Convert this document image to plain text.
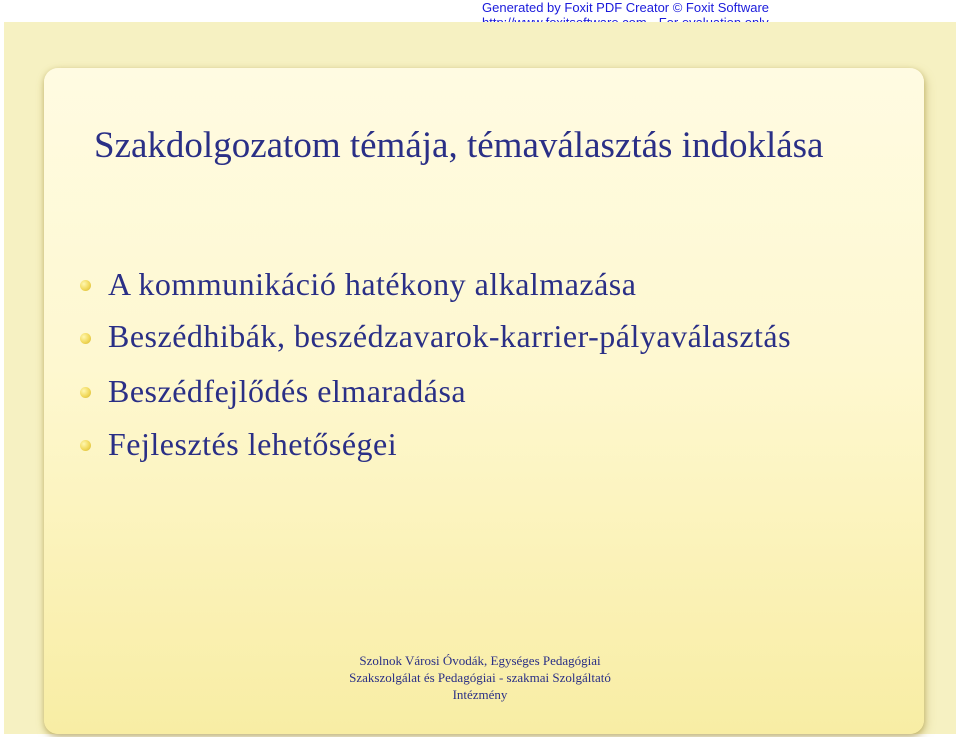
Generated by Foxit PDF Creator © Foxit Software
Szakdolgozatom témája, témaválasztás indoklása
A kommunikáció hatékony alkalmazása
Beszédhibák, beszédzavarok-karrier-pályaválasztás
Beszédfejlődés elmaradása
Fejlesztés lehetőségei
Szolnok Városi Óvodák, Egységes Pedagógiai
Szakszolgálat és Pedagógiai - szakmai Szolgáltató
Intézmény
